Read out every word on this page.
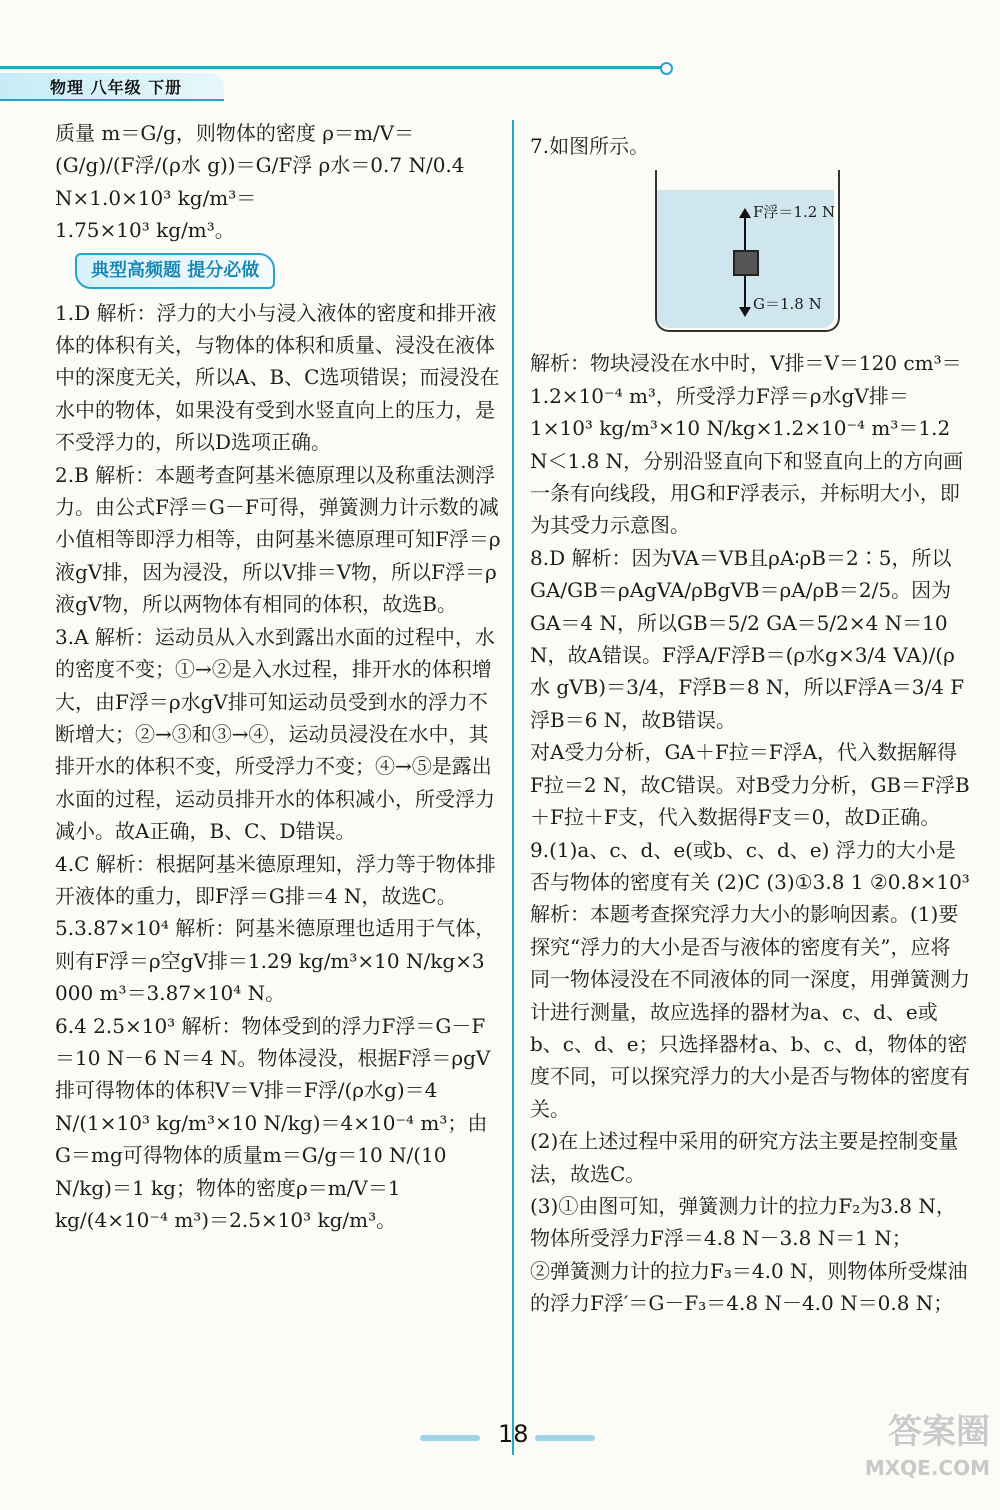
物理 八年级 下册

质量 m＝G/g，则物体的密度 ρ＝m/V＝

(G/g)/(F浮/(ρ水 g))＝G/F浮 ρ水＝0.7 N/0.4 N×1.0×10³ kg/m³＝

1.75×10³ kg/m³。

典型高频题 提分必做

1.D 解析：浮力的大小与浸入液体的密度和排开液体的体积有关，与物体的体积和质量、浸没在液体中的深度无关，所以A、B、C选项错误；而浸没在水中的物体，如果没有受到水竖直向上的压力，是不受浮力的，所以D选项正确。

2.B 解析：本题考查阿基米德原理以及称重法测浮力。由公式F浮＝G－F可得，弹簧测力计示数的减小值相等即浮力相等，由阿基米德原理可知F浮＝ρ液gV排，因为浸没，所以V排＝V物，所以F浮＝ρ液gV物，所以两物体有相同的体积，故选B。

3.A 解析：运动员从入水到露出水面的过程中，水的密度不变；①→②是入水过程，排开水的体积增大，由F浮＝ρ水gV排可知运动员受到水的浮力不断增大；②→③和③→④，运动员浸没在水中，其排开水的体积不变，所受浮力不变；④→⑤是露出水面的过程，运动员排开水的体积减小，所受浮力减小。故A正确，B、C、D错误。

4.C 解析：根据阿基米德原理知，浮力等于物体排开液体的重力，即F浮＝G排＝4 N，故选C。

5.3.87×10⁴ 解析：阿基米德原理也适用于气体，则有F浮＝ρ空gV排＝1.29 kg/m³×10 N/kg×3 000 m³＝3.87×10⁴ N。

6.4 2.5×10³ 解析：物体受到的浮力F浮＝G－F＝10 N－6 N＝4 N。物体浸没，根据F浮＝ρgV排可得物体的体积V＝V排＝F浮/(ρ水g)＝4 N/(1×10³ kg/m³×10 N/kg)＝4×10⁻⁴ m³；由G＝mg可得物体的质量m＝G/g＝10 N/(10 N/kg)＝1 kg；物体的密度ρ＝m/V＝1 kg/(4×10⁻⁴ m³)＝2.5×10³ kg/m³。

7.如图所示。

F浮＝1.2 N
G＝1.8 N

解析：物块浸没在水中时，V排＝V＝120 cm³＝1.2×10⁻⁴ m³，所受浮力F浮＝ρ水gV排＝1×10³ kg/m³×10 N/kg×1.2×10⁻⁴ m³＝1.2 N＜1.8 N，分别沿竖直向下和竖直向上的方向画一条有向线段，用G和F浮表示，并标明大小，即为其受力示意图。

8.D 解析：因为VA＝VB且ρA∶ρB＝2∶5，所以GA/GB＝ρAgVA/ρBgVB＝ρA/ρB＝2/5。因为GA＝4 N，所以GB＝5/2 GA＝5/2×4 N＝10 N，故A错误。F浮A/F浮B＝(ρ水g×3/4 VA)/(ρ水 gVB)＝3/4，F浮B＝8 N，所以F浮A＝3/4 F浮B＝6 N，故B错误。

对A受力分析，GA＋F拉＝F浮A，代入数据解得F拉＝2 N，故C错误。对B受力分析，GB＝F浮B＋F拉＋F支，代入数据得F支＝0，故D正确。

9.(1)a、c、d、e(或b、c、d、e) 浮力的大小是否与物体的密度有关 (2)C (3)①3.8 1 ②0.8×10³

解析：本题考查探究浮力大小的影响因素。(1)要探究“浮力的大小是否与液体的密度有关”，应将同一物体浸没在不同液体的同一深度，用弹簧测力计进行测量，故应选择的器材为a、c、d、e或b、c、d、e；只选择器材a、b、c、d，物体的密度不同，可以探究浮力的大小是否与物体的密度有关。

(2)在上述过程中采用的研究方法主要是控制变量法，故选C。

(3)①由图可知，弹簧测力计的拉力F₂为3.8 N，物体所受浮力F浮＝4.8 N－3.8 N＝1 N；

②弹簧测力计的拉力F₃＝4.0 N，则物体所受煤油的浮力F浮′＝G－F₃＝4.8 N－4.0 N＝0.8 N；

18	答案圈
MXQE.COM
